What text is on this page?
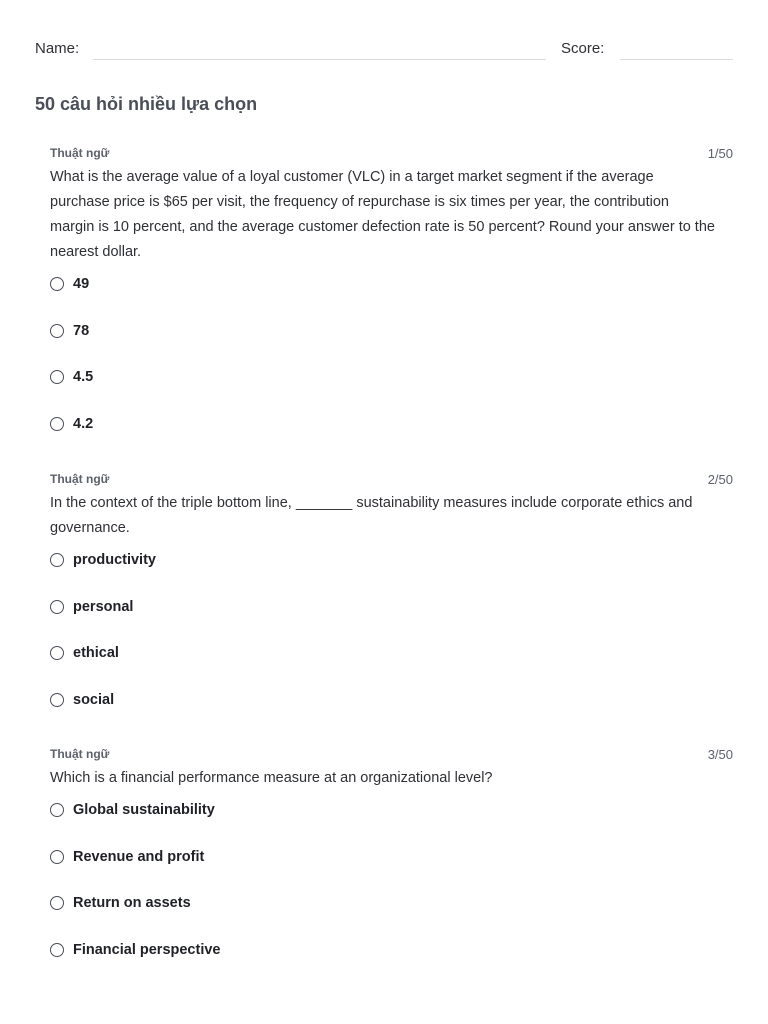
Name:	Score:
50 câu hỏi nhiều lựa chọn
Thuật ngữ	1/50

What is the average value of a loyal customer (VLC) in a target market segment if the average purchase price is $65 per visit, the frequency of repurchase is six times per year, the contribution margin is 10 percent, and the average customer defection rate is 50 percent? Round your answer to the nearest dollar.

49
78
4.5
4.2
Thuật ngữ	2/50

In the context of the triple bottom line, _______ sustainability measures include corporate ethics and governance.

productivity
personal
ethical
social
Thuật ngữ	3/50

Which is a financial performance measure at an organizational level?

Global sustainability
Revenue and profit
Return on assets
Financial perspective
